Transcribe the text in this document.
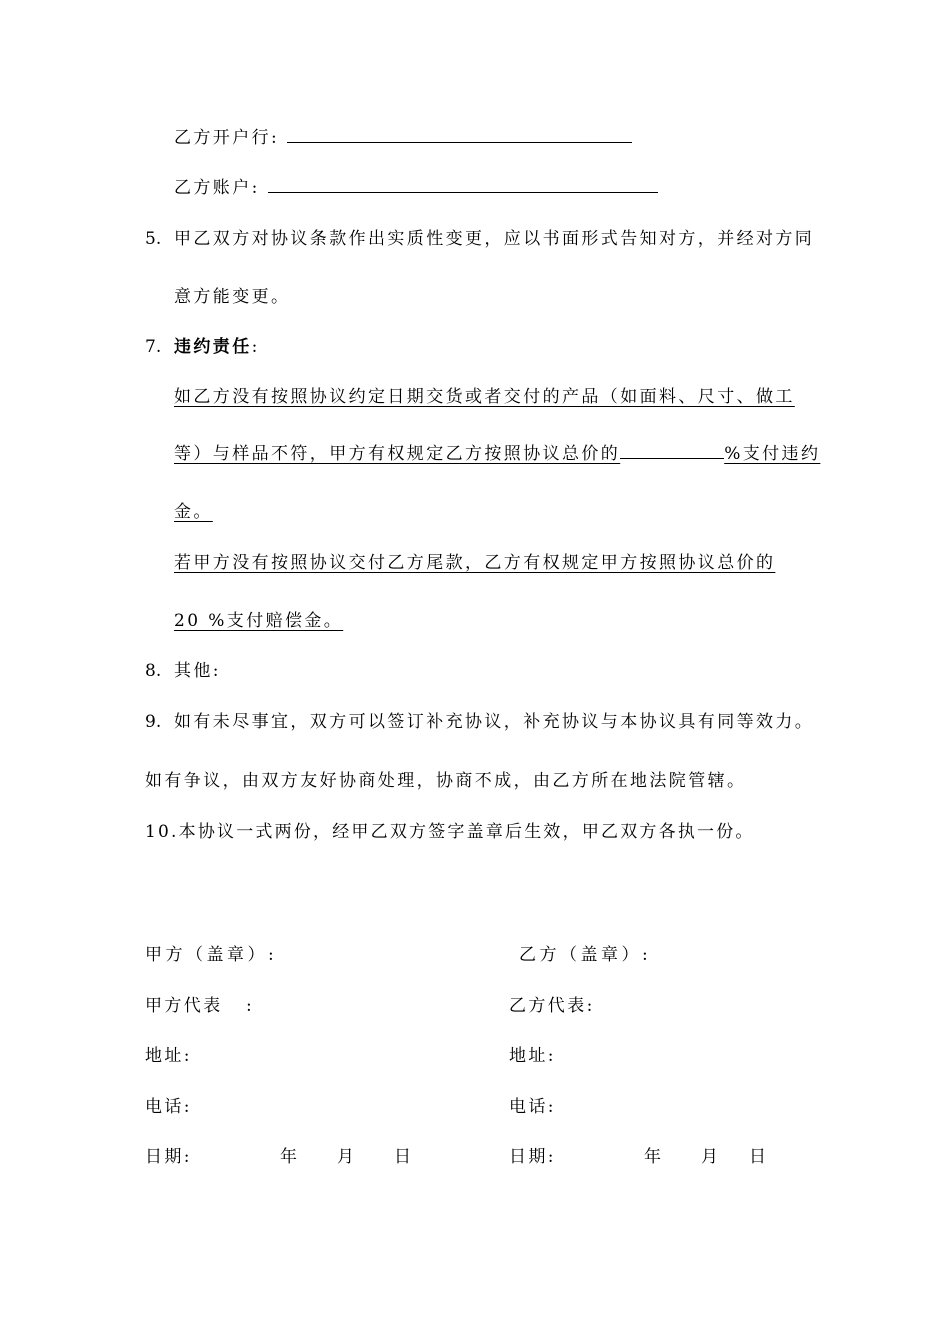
乙方开户行:
乙方账户:
5. 甲乙双方对协议条款作出实质性变更，应以书面形式告知对方，并经对方同
意方能变更。
7. 违约责任:
如乙方没有按照协议约定日期交货或者交付的产品（如面料、尺寸、做工
等）与样品不符，甲方有权规定乙方按照协议总价的	%支付违约
金。
若甲方没有按照协议交付乙方尾款，乙方有权规定甲方按照协议总价的
20 %支付赔偿金。
8. 其他:
9. 如有未尽事宜，双方可以签订补充协议，补充协议与本协议具有同等效力。
如有争议，由双方友好协商处理，协商不成，由乙方所在地法院管辖。
10.本协议一式两份，经甲乙双方签字盖章后生效，甲乙双方各执一份。
甲方（盖章）:
甲方代表   :
地址:
电话:
日期:	年 月 日
乙方（盖章）:
乙方代表:
地址:
电话:
日期:	年 月 日
